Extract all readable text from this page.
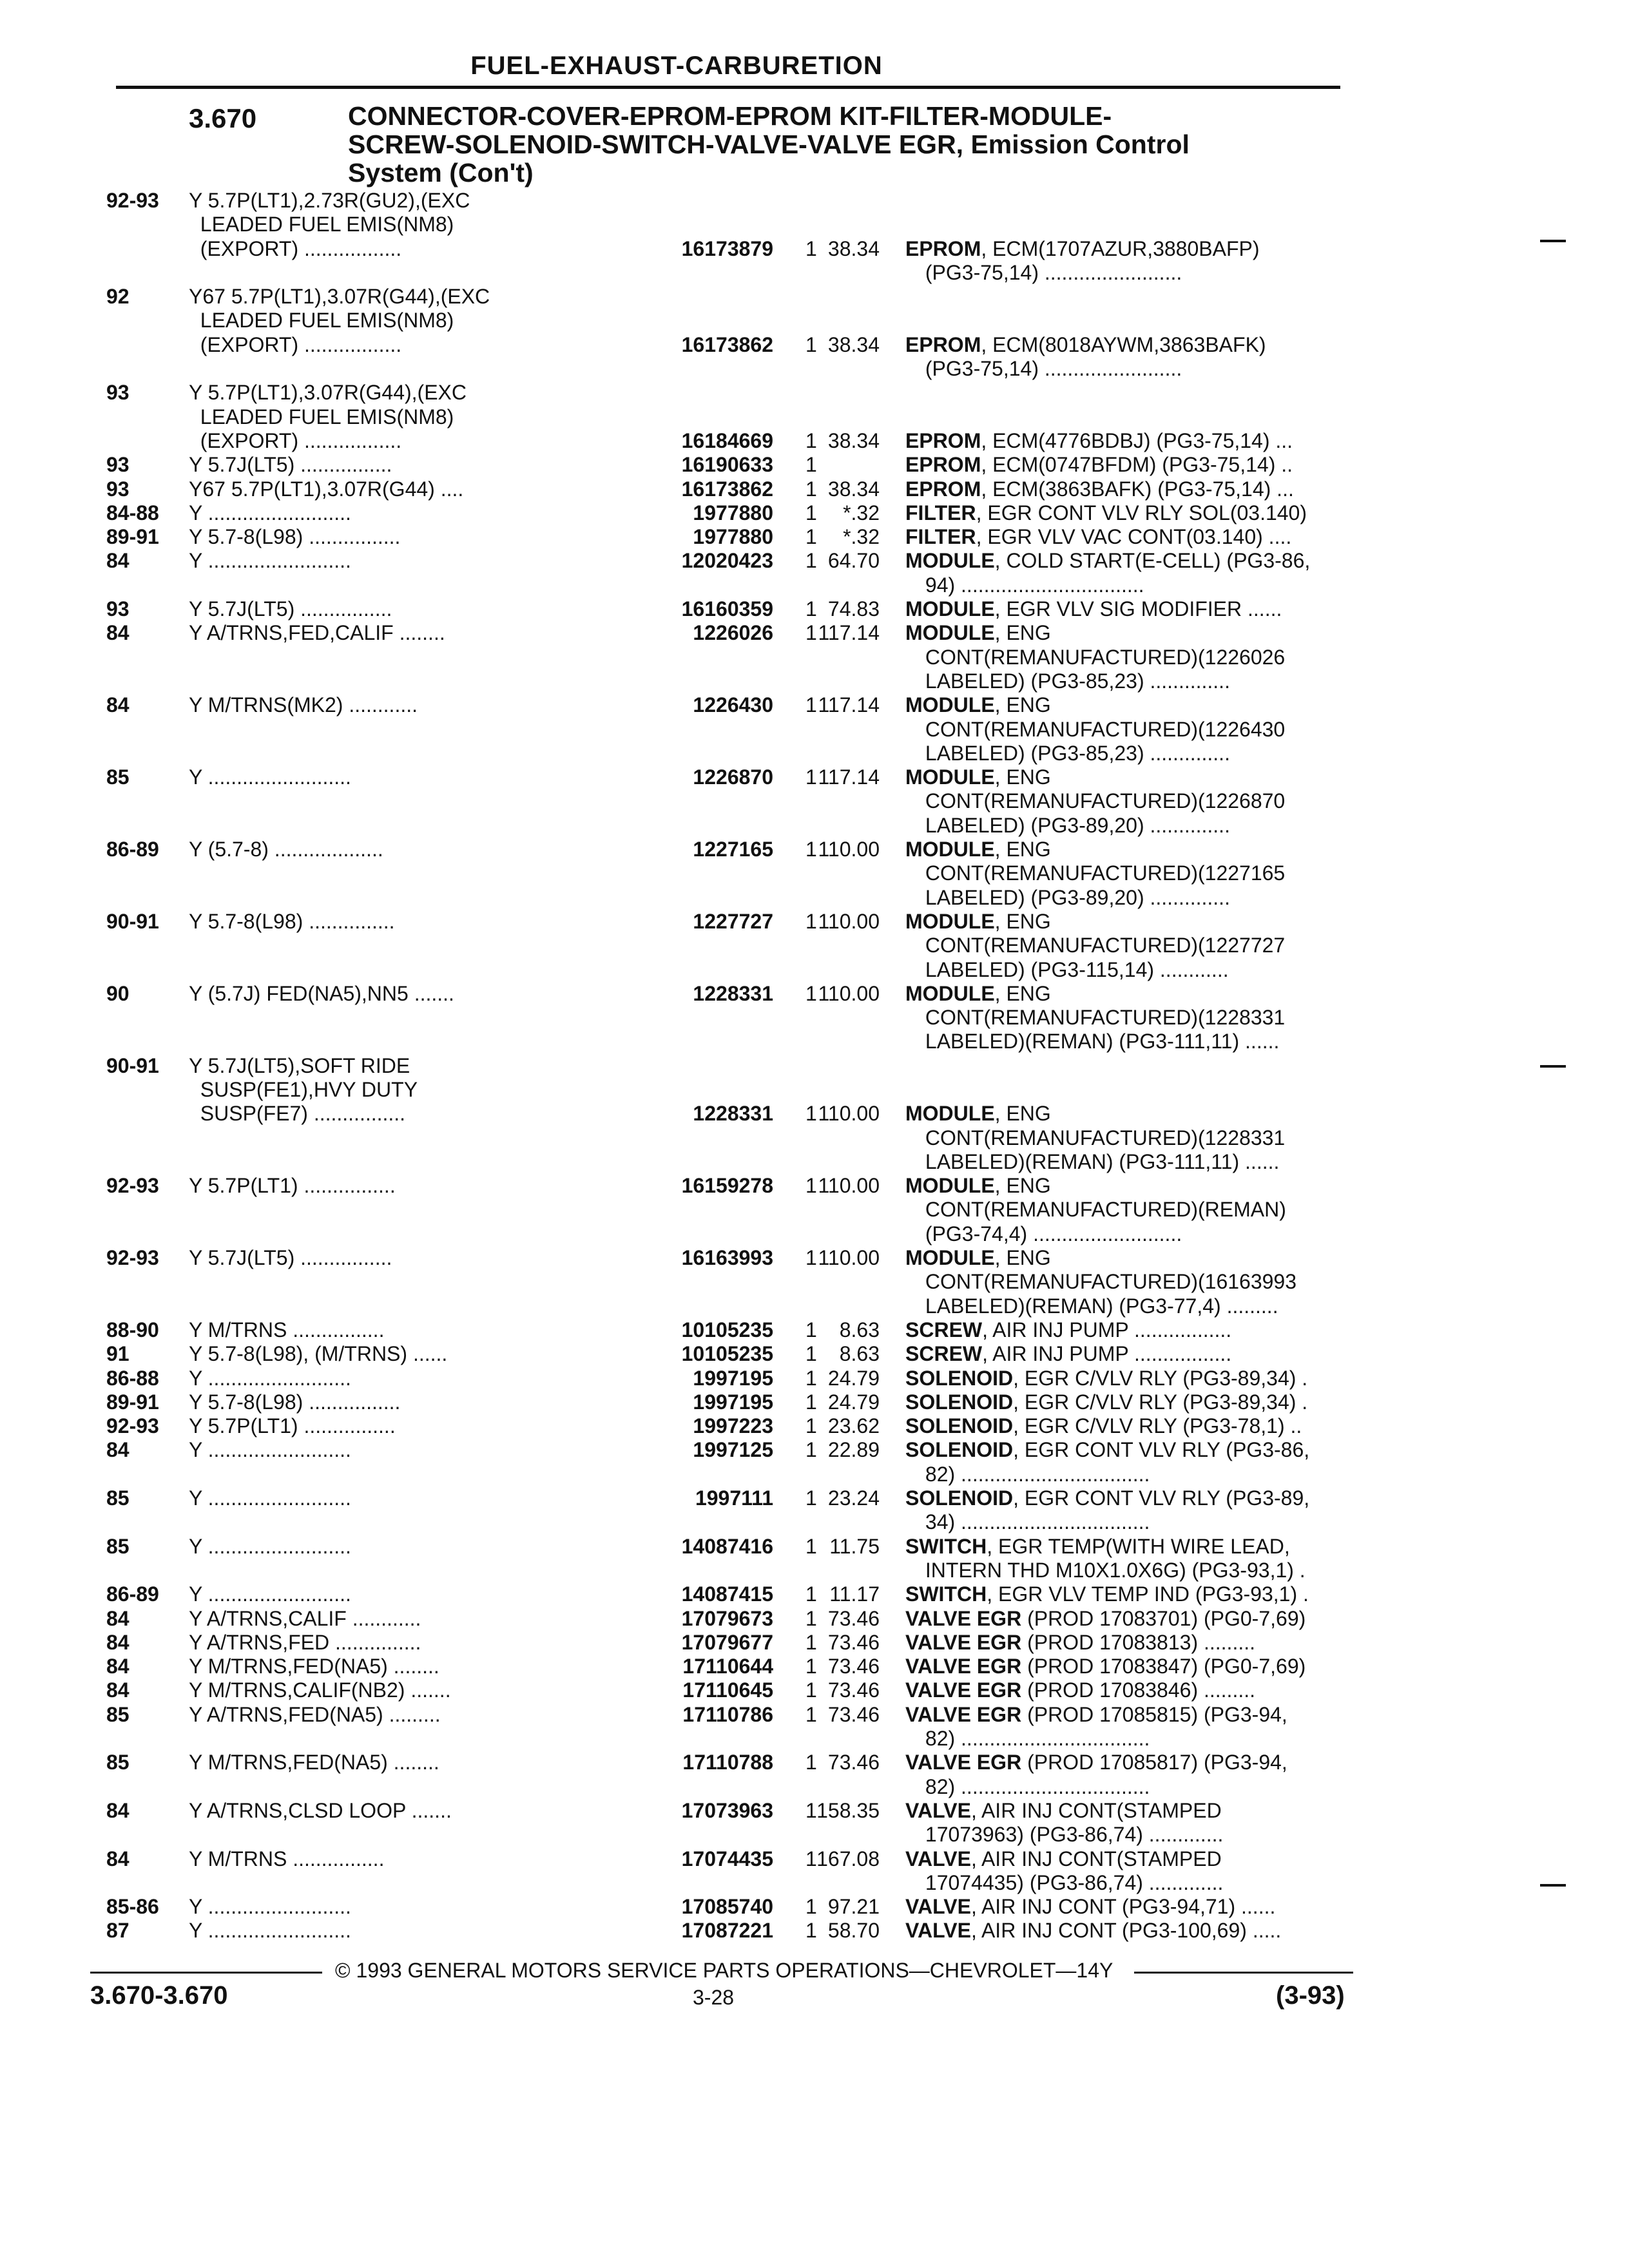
FUEL-EXHAUST-CARBURETION
3.670	CONNECTOR-COVER-EPROM-EPROM KIT-FILTER-MODULE-
SCREW-SOLENOID-SWITCH-VALVE-VALVE EGR, Emission Control
System (Con't)
92-93	Y 5.7P(LT1),2.73R(GU2),(EXC
LEADED FUEL EMIS(NM8)
(EXPORT) .................	16173879 1 38.34 EPROM, ECM(1707AZUR,3880BAFP)
(PG3-75,14) ........................
92	Y67 5.7P(LT1),3.07R(G44),(EXC
LEADED FUEL EMIS(NM8)
(EXPORT) .................	16173862 1 38.34 EPROM, ECM(8018AYWM,3863BAFK)
(PG3-75,14) ........................
93	Y 5.7P(LT1),3.07R(G44),(EXC
LEADED FUEL EMIS(NM8)
(EXPORT) .................	16184669 1 38.34 EPROM, ECM(4776BDBJ) (PG3-75,14) ...
93	Y 5.7J(LT5) ................	16190633 1	EPROM, ECM(0747BFDM) (PG3-75,14) ..
93	Y67 5.7P(LT1),3.07R(G44) ....	16173862 1 38.34 EPROM, ECM(3863BAFK) (PG3-75,14) ...
84-88	Y .........................	1977880 1	*.32 FILTER, EGR CONT VLV RLY SOL(03.140)
89-91	Y 5.7-8(L98) ................	1977880 1	*.32 FILTER, EGR VLV VAC CONT(03.140) ....
84	Y .........................	12020423 1 64.70 MODULE, COLD START(E-CELL) (PG3-86,
94) ................................
93	Y 5.7J(LT5) ................	16160359 1 74.83 MODULE, EGR VLV SIG MODIFIER ......
84	Y A/TRNS,FED,CALIF ........	1226026 1 117.14 MODULE, ENG
CONT(REMANUFACTURED)(1226026
LABELED) (PG3-85,23) ..............
84	Y M/TRNS(MK2) ............	1226430 1 117.14 MODULE, ENG
CONT(REMANUFACTURED)(1226430
LABELED) (PG3-85,23) ..............
85	Y .........................	1226870 1 117.14 MODULE, ENG
CONT(REMANUFACTURED)(1226870
LABELED) (PG3-89,20) ..............
86-89	Y (5.7-8) ...................	1227165 1 110.00 MODULE, ENG
CONT(REMANUFACTURED)(1227165
LABELED) (PG3-89,20) ..............
90-91	Y 5.7-8(L98) ...............	1227727 1 110.00 MODULE, ENG
CONT(REMANUFACTURED)(1227727
LABELED) (PG3-115,14) ............
90	Y (5.7J) FED(NA5),NN5 .......	1228331 1 110.00 MODULE, ENG
CONT(REMANUFACTURED)(1228331
LABELED)(REMAN) (PG3-111,11) ......
90-91	Y 5.7J(LT5),SOFT RIDE
SUSP(FE1),HVY DUTY
SUSP(FE7) ................	1228331 1 110.00 MODULE, ENG
CONT(REMANUFACTURED)(1228331
LABELED)(REMAN) (PG3-111,11) ......
92-93	Y 5.7P(LT1) ................	16159278 1 110.00 MODULE, ENG
CONT(REMANUFACTURED)(REMAN)
(PG3-74,4) ..........................
92-93	Y 5.7J(LT5) ................	16163993 1 110.00 MODULE, ENG
CONT(REMANUFACTURED)(16163993
LABELED)(REMAN) (PG3-77,4) .........
88-90	Y M/TRNS ................	10105235 1	8.63 SCREW, AIR INJ PUMP .................
91	Y 5.7-8(L98), (M/TRNS) ......	10105235 1	8.63 SCREW, AIR INJ PUMP .................
86-88	Y .........................	1997195 1 24.79 SOLENOID, EGR C/VLV RLY (PG3-89,34) .
89-91	Y 5.7-8(L98) ................	1997195 1 24.79 SOLENOID, EGR C/VLV RLY (PG3-89,34) .
92-93	Y 5.7P(LT1) ................	1997223 1 23.62 SOLENOID, EGR C/VLV RLY (PG3-78,1) ..
84	Y .........................	1997125 1 22.89 SOLENOID, EGR CONT VLV RLY (PG3-86,
82) .................................
85	Y .........................	1997111 1 23.24 SOLENOID, EGR CONT VLV RLY (PG3-89,
34) .................................
85	Y .........................	14087416 1 11.75 SWITCH, EGR TEMP(WITH WIRE LEAD,
INTERN THD M10X1.0X6G) (PG3-93,1) .
86-89	Y .........................	14087415 1 11.17 SWITCH, EGR VLV TEMP IND (PG3-93,1) .
84	Y A/TRNS,CALIF ............	17079673 1 73.46 VALVE EGR (PROD 17083701) (PG0-7,69)
84	Y A/TRNS,FED ...............	17079677 1 73.46 VALVE EGR (PROD 17083813) .........
84	Y M/TRNS,FED(NA5) ........	17110644 1 73.46 VALVE EGR (PROD 17083847) (PG0-7,69)
84	Y M/TRNS,CALIF(NB2) .......	17110645 1 73.46 VALVE EGR (PROD 17083846) .........
85	Y A/TRNS,FED(NA5) .........	17110786 1 73.46 VALVE EGR (PROD 17085815) (PG3-94,
82) .................................
85	Y M/TRNS,FED(NA5) ........	17110788 1 73.46 VALVE EGR (PROD 17085817) (PG3-94,
82) .................................
84	Y A/TRNS,CLSD LOOP .......	17073963 1 158.35 VALVE, AIR INJ CONT(STAMPED
17073963) (PG3-86,74) .............
84	Y M/TRNS ................	17074435 1 167.08 VALVE, AIR INJ CONT(STAMPED
17074435) (PG3-86,74) .............
85-86	Y .........................	17085740 1 97.21 VALVE, AIR INJ CONT (PG3-94,71) ......
87	Y .........................	17087221 1 58.70 VALVE, AIR INJ CONT (PG3-100,69) .....
© 1993 GENERAL MOTORS SERVICE PARTS OPERATIONS—CHEVROLET—14Y
3.670-3.670	3-28	(3-93)
